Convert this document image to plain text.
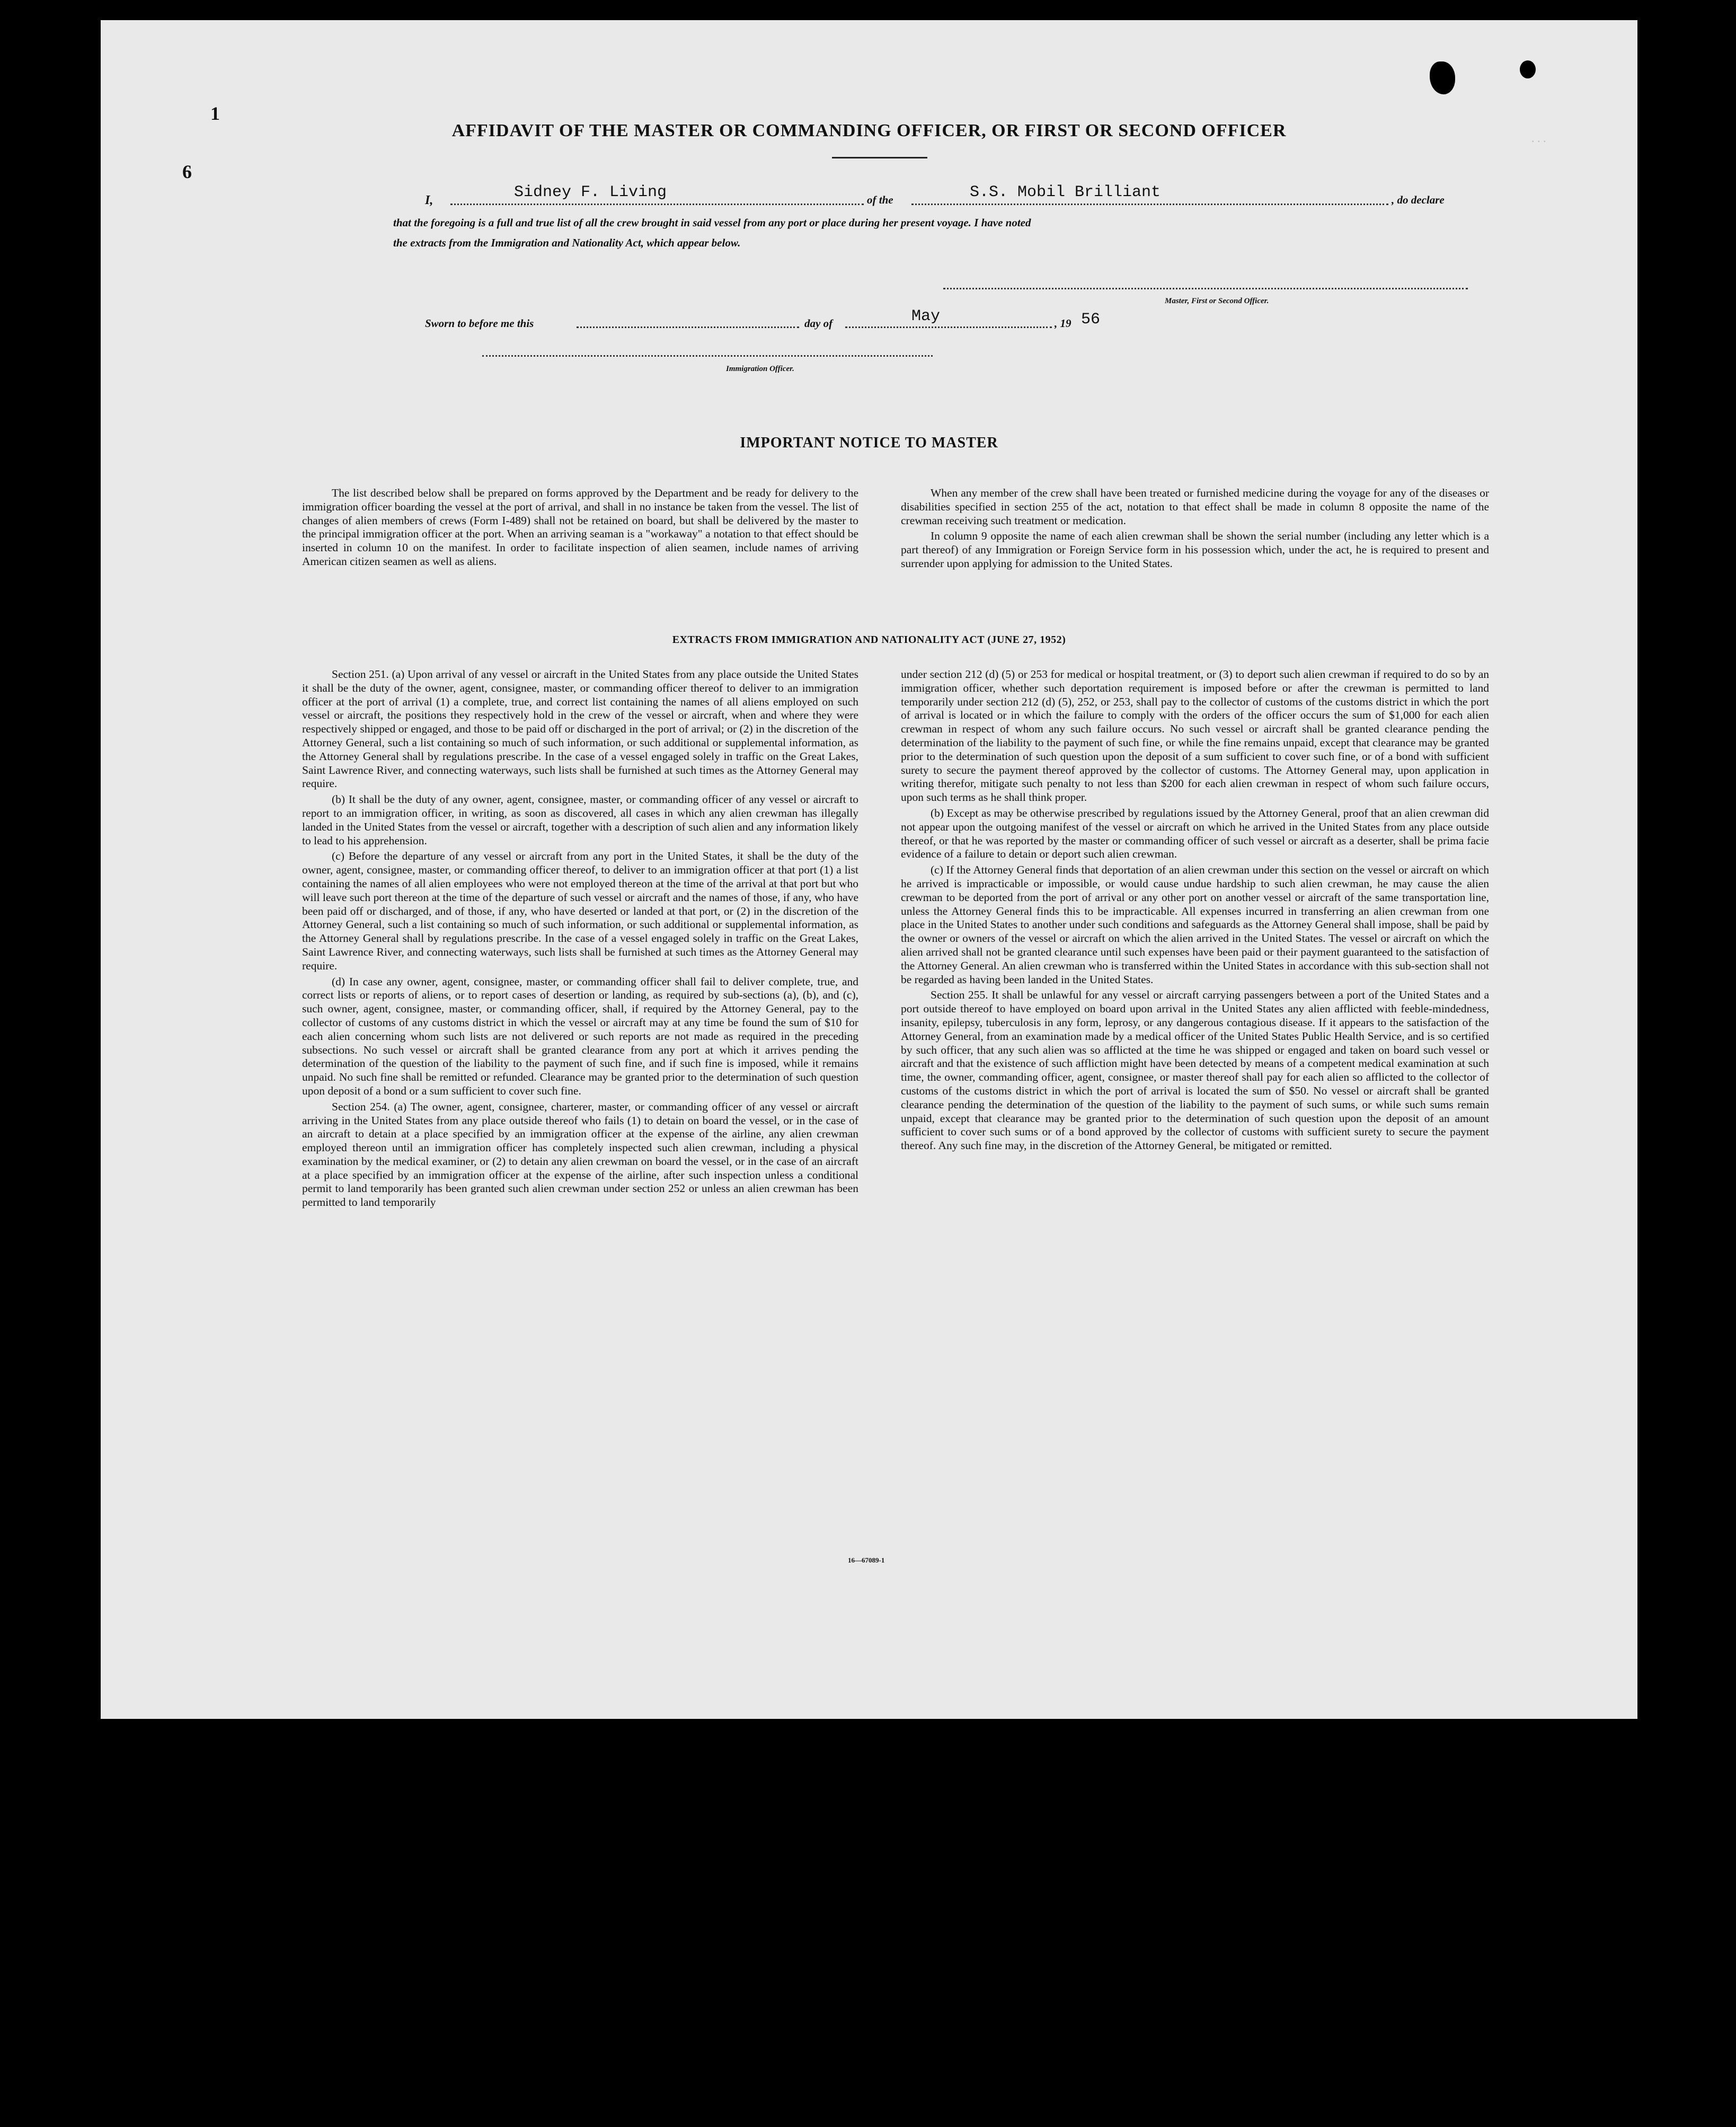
. . .
1
6
AFFIDAVIT OF THE MASTER OR COMMANDING OFFICER, OR FIRST OR SECOND OFFICER
I,	Sidney F. Living	of the	S.S. Mobil Brilliant	, do declare
that the foregoing is a full and true list of all the crew brought in said vessel from any port or place during her present voyage. I have noted
the extracts from the Immigration and Nationality Act, which appear below.
Master, First or Second Officer.
Sworn to before me this	day of	May	, 19 56
Immigration Officer.
IMPORTANT NOTICE TO MASTER

The list described below shall be prepared on forms approved by the Department and be ready for delivery to the immigration officer boarding the vessel at the port of arrival, and shall in no instance be taken from the vessel. The list of changes of alien members of crews (Form I-489) shall not be retained on board, but shall be delivered by the master to the principal immigration officer at the port. When an arriving seaman is a "workaway" a notation to that effect should be inserted in column 10 on the manifest. In order to facilitate inspection of alien seamen, include names of arriving American citizen seamen as well as aliens.

When any member of the crew shall have been treated or furnished medicine during the voyage for any of the diseases or disabilities specified in section 255 of the act, notation to that effect shall be made in column 8 opposite the name of the crewman receiving such treatment or medication.

In column 9 opposite the name of each alien crewman shall be shown the serial number (including any letter which is a part thereof) of any Immigration or Foreign Service form in his possession which, under the act, he is required to present and surrender upon applying for admission to the United States.

EXTRACTS FROM IMMIGRATION AND NATIONALITY ACT (JUNE 27, 1952)

Section 251. (a) Upon arrival of any vessel or aircraft in the United States from any place outside the United States it shall be the duty of the owner, agent, consignee, master, or commanding officer thereof to deliver to an immigration officer at the port of arrival (1) a complete, true, and correct list containing the names of all aliens employed on such vessel or aircraft, the positions they respectively hold in the crew of the vessel or aircraft, when and where they were respectively shipped or engaged, and those to be paid off or discharged in the port of arrival; or (2) in the discretion of the Attorney General, such a list containing so much of such information, or such additional or supplemental information, as the Attorney General shall by regulations prescribe. In the case of a vessel engaged solely in traffic on the Great Lakes, Saint Lawrence River, and connecting waterways, such lists shall be furnished at such times as the Attorney General may require.

(b) It shall be the duty of any owner, agent, consignee, master, or commanding officer of any vessel or aircraft to report to an immigration officer, in writing, as soon as discovered, all cases in which any alien crewman has illegally landed in the United States from the vessel or aircraft, together with a description of such alien and any information likely to lead to his apprehension.

(c) Before the departure of any vessel or aircraft from any port in the United States, it shall be the duty of the owner, agent, consignee, master, or commanding officer thereof, to deliver to an immigration officer at that port (1) a list containing the names of all alien employees who were not employed thereon at the time of the arrival at that port but who will leave such port thereon at the time of the departure of such vessel or aircraft and the names of those, if any, who have been paid off or discharged, and of those, if any, who have deserted or landed at that port, or (2) in the discretion of the Attorney General, such a list containing so much of such information, or such additional or supplemental information, as the Attorney General shall by regulations prescribe. In the case of a vessel engaged solely in traffic on the Great Lakes, Saint Lawrence River, and connecting waterways, such lists shall be furnished at such times as the Attorney General may require.

(d) In case any owner, agent, consignee, master, or commanding officer shall fail to deliver complete, true, and correct lists or reports of aliens, or to report cases of desertion or landing, as required by sub-sections (a), (b), and (c), such owner, agent, consignee, master, or commanding officer, shall, if required by the Attorney General, pay to the collector of customs of any customs district in which the vessel or aircraft may at any time be found the sum of $10 for each alien concerning whom such lists are not delivered or such reports are not made as required in the preceding subsections. No such vessel or aircraft shall be granted clearance from any port at which it arrives pending the determination of the question of the liability to the payment of such fine, and if such fine is imposed, while it remains unpaid. No such fine shall be remitted or refunded. Clearance may be granted prior to the determination of such question upon deposit of a bond or a sum sufficient to cover such fine.

Section 254. (a) The owner, agent, consignee, charterer, master, or commanding officer of any vessel or aircraft arriving in the United States from any place outside thereof who fails (1) to detain on board the vessel, or in the case of an aircraft to detain at a place specified by an immigration officer at the expense of the airline, any alien crewman employed thereon until an immigration officer has completely inspected such alien crewman, including a physical examination by the medical examiner, or (2) to detain any alien crewman on board the vessel, or in the case of an aircraft at a place specified by an immigration officer at the expense of the airline, after such inspection unless a conditional permit to land temporarily has been granted such alien crewman under section 252 or unless an alien crewman has been permitted to land temporarily

under section 212 (d) (5) or 253 for medical or hospital treatment, or (3) to deport such alien crewman if required to do so by an immigration officer, whether such deportation requirement is imposed before or after the crewman is permitted to land temporarily under section 212 (d) (5), 252, or 253, shall pay to the collector of customs of the customs district in which the port of arrival is located or in which the failure to comply with the orders of the officer occurs the sum of $1,000 for each alien crewman in respect of whom any such failure occurs. No such vessel or aircraft shall be granted clearance pending the determination of the liability to the payment of such fine, or while the fine remains unpaid, except that clearance may be granted prior to the determination of such question upon the deposit of a sum sufficient to cover such fine, or of a bond with sufficient surety to secure the payment thereof approved by the collector of customs. The Attorney General may, upon application in writing therefor, mitigate such penalty to not less than $200 for each alien crewman in respect of whom such failure occurs, upon such terms as he shall think proper.

(b) Except as may be otherwise prescribed by regulations issued by the Attorney General, proof that an alien crewman did not appear upon the outgoing manifest of the vessel or aircraft on which he arrived in the United States from any place outside thereof, or that he was reported by the master or commanding officer of such vessel or aircraft as a deserter, shall be prima facie evidence of a failure to detain or deport such alien crewman.

(c) If the Attorney General finds that deportation of an alien crewman under this section on the vessel or aircraft on which he arrived is impracticable or impossible, or would cause undue hardship to such alien crewman, he may cause the alien crewman to be deported from the port of arrival or any other port on another vessel or aircraft of the same transportation line, unless the Attorney General finds this to be impracticable. All expenses incurred in transferring an alien crewman from one place in the United States to another under such conditions and safeguards as the Attorney General shall impose, shall be paid by the owner or owners of the vessel or aircraft on which the alien arrived in the United States. The vessel or aircraft on which the alien arrived shall not be granted clearance until such expenses have been paid or their payment guaranteed to the satisfaction of the Attorney General. An alien crewman who is transferred within the United States in accordance with this sub-section shall not be regarded as having been landed in the United States.

Section 255. It shall be unlawful for any vessel or aircraft carrying passengers between a port of the United States and a port outside thereof to have employed on board upon arrival in the United States any alien afflicted with feeble-mindedness, insanity, epilepsy, tuberculosis in any form, leprosy, or any dangerous contagious disease. If it appears to the satisfaction of the Attorney General, from an examination made by a medical officer of the United States Public Health Service, and is so certified by such officer, that any such alien was so afflicted at the time he was shipped or engaged and taken on board such vessel or aircraft and that the existence of such affliction might have been detected by means of a competent medical examination at such time, the owner, commanding officer, agent, consignee, or master thereof shall pay for each alien so afflicted to the collector of customs of the customs district in which the port of arrival is located the sum of $50. No vessel or aircraft shall be granted clearance pending the determination of the question of the liability to the payment of such sums, or while such sums remain unpaid, except that clearance may be granted prior to the determination of such question upon the deposit of an amount sufficient to cover such sums or of a bond approved by the collector of customs with sufficient surety to secure the payment thereof. Any such fine may, in the discretion of the Attorney General, be mitigated or remitted.

16—67089-1
